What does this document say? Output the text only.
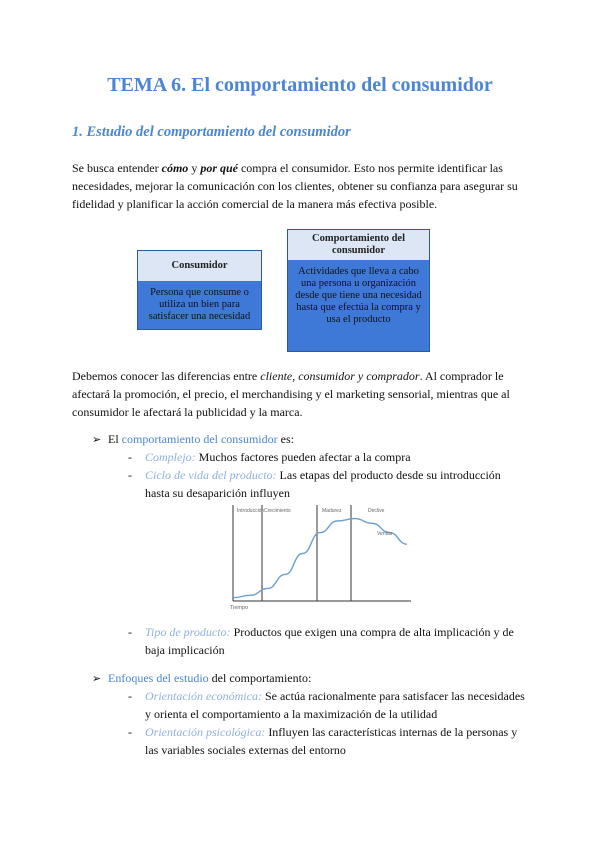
TEMA 6. El comportamiento del consumidor
1. Estudio del comportamiento del consumidor

Se busca entender cómo y por qué compra el consumidor. Esto nos permite identificar las necesidades, mejorar la comunicación con los clientes, obtener su confianza para asegurar su fidelidad y planificar la acción comercial de la manera más efectiva posible.

Consumidor
Persona que consume o utiliza un bien para satisfacer una necesidad
Comportamiento del consumidor
Actividades que lleva a cabo una persona u organización desde que tiene una necesidad hasta que efectúa la compra y usa el producto

Debemos conocer las diferencias entre cliente, consumidor y comprador. Al comprador le afectará la promoción, el precio, el merchandising y el marketing sensorial, mientras que al consumidor le afectará la publicidad y la marca.

➢ El comportamiento del consumidor es:

- Complejo: Muchos factores pueden afectar a la compra
- Ciclo de vida del producto: Las etapas del producto desde su introducción hasta su desaparición influyen
Introducción Crecimiento	Madurez	Declive
Ventas
Tiempo
- Tipo de producto: Productos que exigen una compra de alta implicación y de baja implicación

➢ Enfoques del estudio del comportamiento:

- Orientación económica: Se actúa racionalmente para satisfacer las necesidades y orienta el comportamiento a la maximización de la utilidad
- Orientación psicológica: Influyen las características internas de la personas y las variables sociales externas del entorno
